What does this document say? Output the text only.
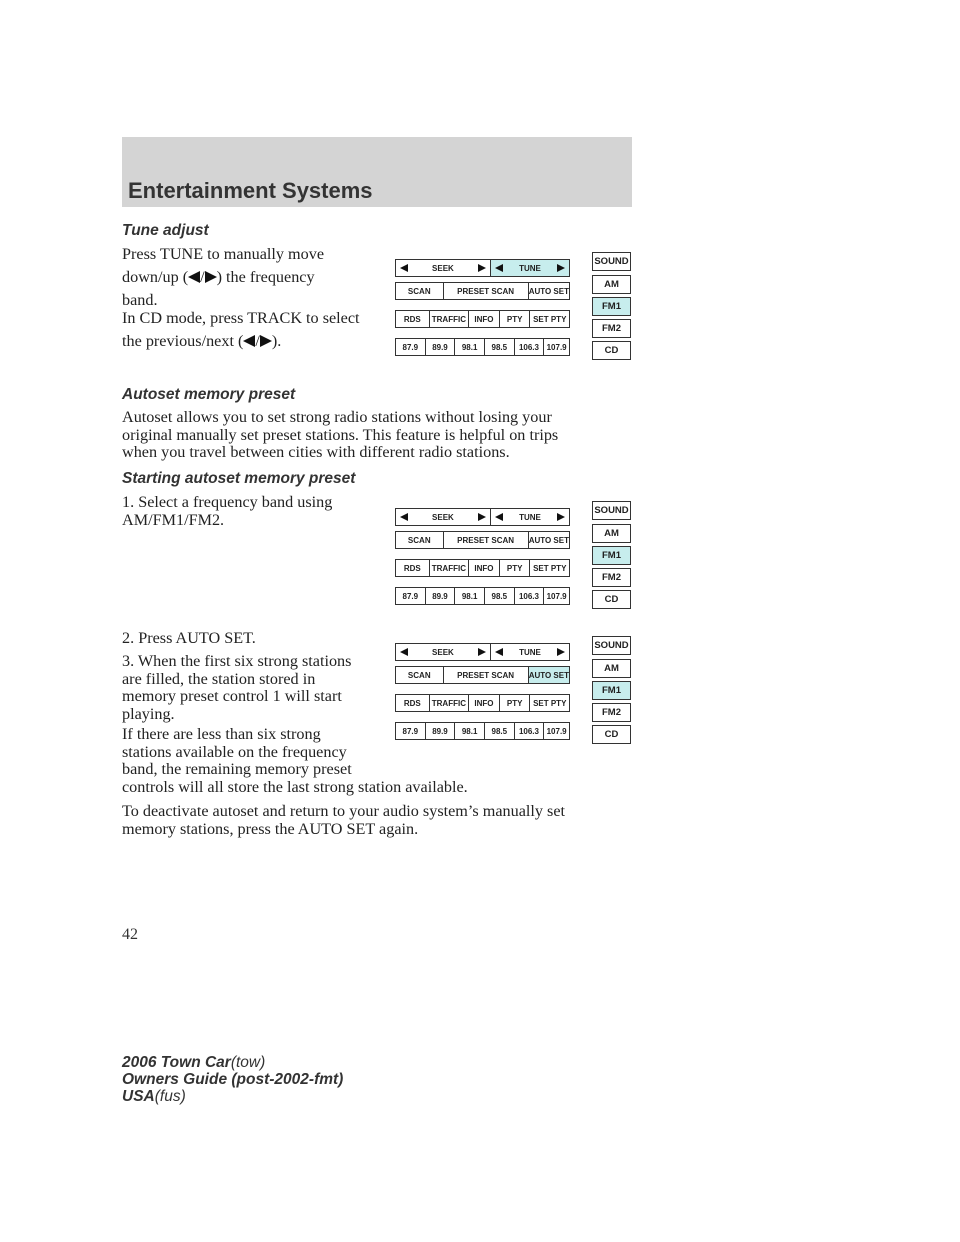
Entertainment Systems

Tune adjust

Press TUNE to manually move
down/up ( / ) the frequency
band.
In CD mode, press TRACK to select
the previous/next ( / ).

Autoset memory preset

Autoset allows you to set strong radio stations without losing your
original manually set preset stations. This feature is helpful on trips
when you travel between cities with different radio stations.

Starting autoset memory preset

1. Select a frequency band using
AM/FM1/FM2.
2. Press AUTO SET.
3. When the first six strong stations
are filled, the station stored in
memory preset control 1 will start
playing.
If there are less than six strong
stations available on the frequency
band, the remaining memory preset
controls will all store the last strong station available.
To deactivate autoset and return to your audio system’s manually set
memory stations, press the AUTO SET again.
SEEK	TUNE
SCAN	PRESET SCAN	AUTO SET
RDS	TRAFFIC	INFO	PTY	SET PTY
87.9	89.9	98.1	98.5	106.3 107.9
SOUND
AM
FM1
FM2
CD
SEEK	TUNE
SCAN	PRESET SCAN	AUTO SET
RDS	TRAFFIC	INFO	PTY	SET PTY
87.9	89.9	98.1	98.5	106.3 107.9
SOUND
AM
FM1
FM2
CD
SEEK	TUNE
SCAN	PRESET SCAN	AUTO SET
RDS	TRAFFIC	INFO	PTY	SET PTY
87.9	89.9	98.1	98.5	106.3 107.9
SOUND
AM
FM1
FM2
CD
42
2006 Town Car(tow)
Owners Guide (post-2002-fmt)
USA(fus)
